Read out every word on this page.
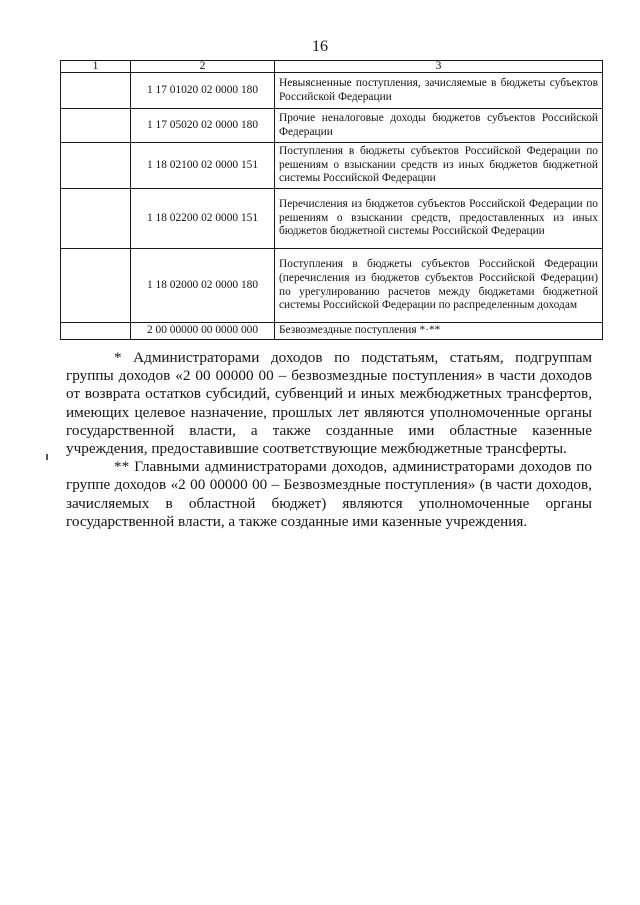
16
1	2	3
	1 17 01020 02 0000 180	Невыясненные поступления, зачисляемые в бюджеты субъектов Российской Федерации
	1 17 05020 02 0000 180	Прочие неналоговые доходы бюджетов субъектов Российской Федерации
	1 18 02100 02 0000 151	Поступления в бюджеты субъектов Российской Федерации по решениям о взыскании средств из иных бюджетов бюджетной системы Российской Федерации
	1 18 02200 02 0000 151	Перечисления из бюджетов субъектов Российской Федерации по решениям о взыскании средств, предоставленных из иных бюджетов бюджетной системы Российской Федерации
	1 18 02000 02 0000 180	Поступления в бюджеты субъектов Российской Федерации (перечисления из бюджетов субъектов Российской Федерации) по урегулированию расчетов между бюджетами бюджетной системы Российской Федерации по распределенным доходам
	2 00 00000 00 0000 000	Безвозмездные поступления *·**

* Администраторами доходов по подстатьям, статьям, подгруппам группы доходов «2 00 00000 00 – безвозмездные поступления» в части доходов от возврата остатков субсидий, субвенций и иных межбюджетных трансфертов, имеющих целевое назначение, прошлых лет являются уполномоченные органы государственной власти, а также созданные ими областные казенные учреждения, предоставившие соответствующие межбюджетные трансферты.

** Главными администраторами доходов, администраторами доходов по группе доходов «2 00 00000 00 – Безвозмездные поступления» (в части доходов, зачисляемых в областной бюджет) являются уполномоченные органы государственной власти, а также созданные ими казенные учреждения.
